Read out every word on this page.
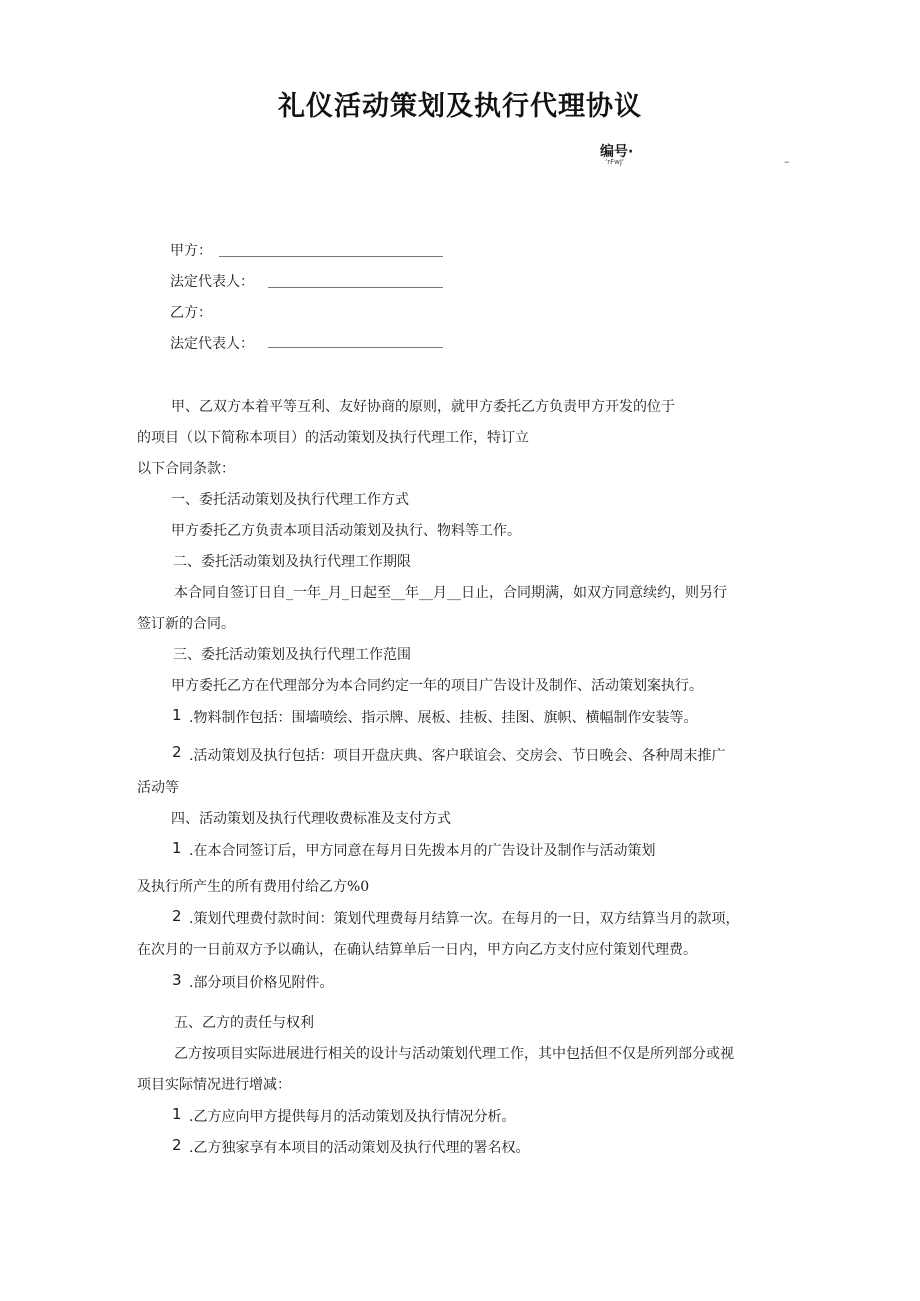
礼仪活动策划及执行代理协议
编号·
‘rFwJ‘	–
甲方：
法定代表人：
乙方：
法定代表人：
甲、乙双方本着平等互利、友好协商的原则，就甲方委托乙方负责甲方开发的位于
的项目（以下简称本项目）的活动策划及执行代理工作，特订立
以下合同条款：
一、委托活动策划及执行代理工作方式
甲方委托乙方负责本项目活动策划及执行、物料等工作。
二、委托活动策划及执行代理工作期限
本合同自签订日自_一年_月_日起至__年__月__日止，合同期满，如双方同意续约，则另行
签订新的合同。
三、委托活动策划及执行代理工作范围
甲方委托乙方在代理部分为本合同约定一年的项目广告设计及制作、活动策划案执行。
1 .物料制作包括：围墙喷绘、指示牌、展板、挂板、挂图、旗帜、横幅制作安装等。
2 .活动策划及执行包括：项目开盘庆典、客户联谊会、交房会、节日晚会、各种周末推广
活动等
四、活动策划及执行代理收费标准及支付方式
1 .在本合同签订后，甲方同意在每月日先拨本月的广告设计及制作与活动策划
及执行所产生的所有费用付给乙方%0
2 .策划代理费付款时间：策划代理费每月结算一次。在每月的一日，双方结算当月的款项，
在次月的一日前双方予以确认，在确认结算单后一日内，甲方向乙方支付应付策划代理费。
3 .部分项目价格见附件。
五、乙方的责任与权利
乙方按项目实际进展进行相关的设计与活动策划代理工作，其中包括但不仅是所列部分或视
项目实际情况进行增减：
1 .乙方应向甲方提供每月的活动策划及执行情况分析。
2 .乙方独家享有本项目的活动策划及执行代理的署名权。
